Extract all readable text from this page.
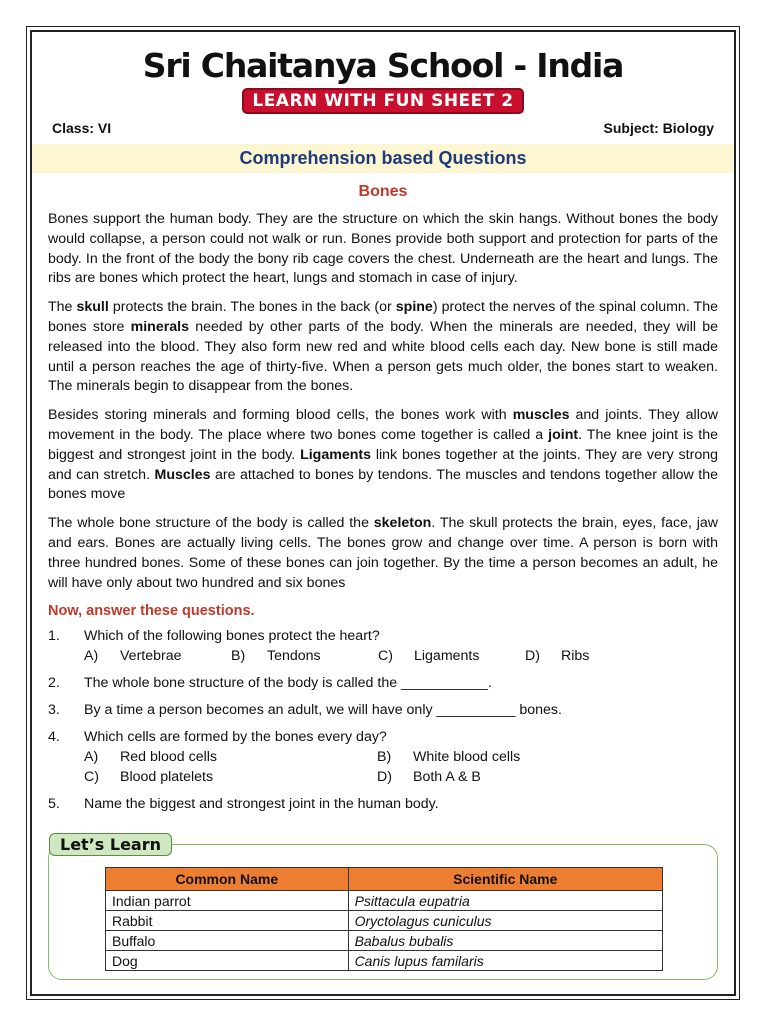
Sri Chaitanya School - India
LEARN WITH FUN SHEET 2
Class: VI	Subject: Biology
Comprehension based Questions
Bones

Bones support the human body. They are the structure on which the skin hangs. Without bones the body would collapse, a person could not walk or run. Bones provide both support and protection for parts of the body. In the front of the body the bony rib cage covers the chest. Underneath are the heart and lungs. The ribs are bones which protect the heart, lungs and stomach in case of injury.

The skull protects the brain. The bones in the back (or spine) protect the nerves of the spinal column. The bones store minerals needed by other parts of the body. When the minerals are needed, they will be released into the blood. They also form new red and white blood cells each day. New bone is still made until a person reaches the age of thirty-five. When a person gets much older, the bones start to weaken. The minerals begin to disappear from the bones.

Besides storing minerals and forming blood cells, the bones work with muscles and joints. They allow movement in the body. The place where two bones come together is called a joint. The knee joint is the biggest and strongest joint in the body. Ligaments link bones together at the joints. They are very strong and can stretch. Muscles are attached to bones by tendons. The muscles and tendons together allow the bones move

The whole bone structure of the body is called the skeleton. The skull protects the brain, eyes, face, jaw and ears. Bones are actually living cells. The bones grow and change over time. A person is born with three hundred bones. Some of these bones can join together. By the time a person becomes an adult, he will have only about two hundred and six bones

Now, answer these questions.
1.	Which of the following bones protect the heart?
A)	Vertebrae	B)	Tendons	C)	Ligaments	D)	Ribs
2.	The whole bone structure of the body is called the ___________.
3.	By a time a person becomes an adult, we will have only __________ bones.
4.	Which cells are formed by the bones every day?
A)	Red blood cells	B)	White blood cells
C)	Blood platelets	D)	Both A & B
5.	Name the biggest and strongest joint in the human body.
Let’s Learn
Common Name	Scientific Name
Indian parrot	Psittacula eupatria
Rabbit	Oryctolagus cuniculus
Buffalo	Babalus bubalis
Dog	Canis lupus familaris
